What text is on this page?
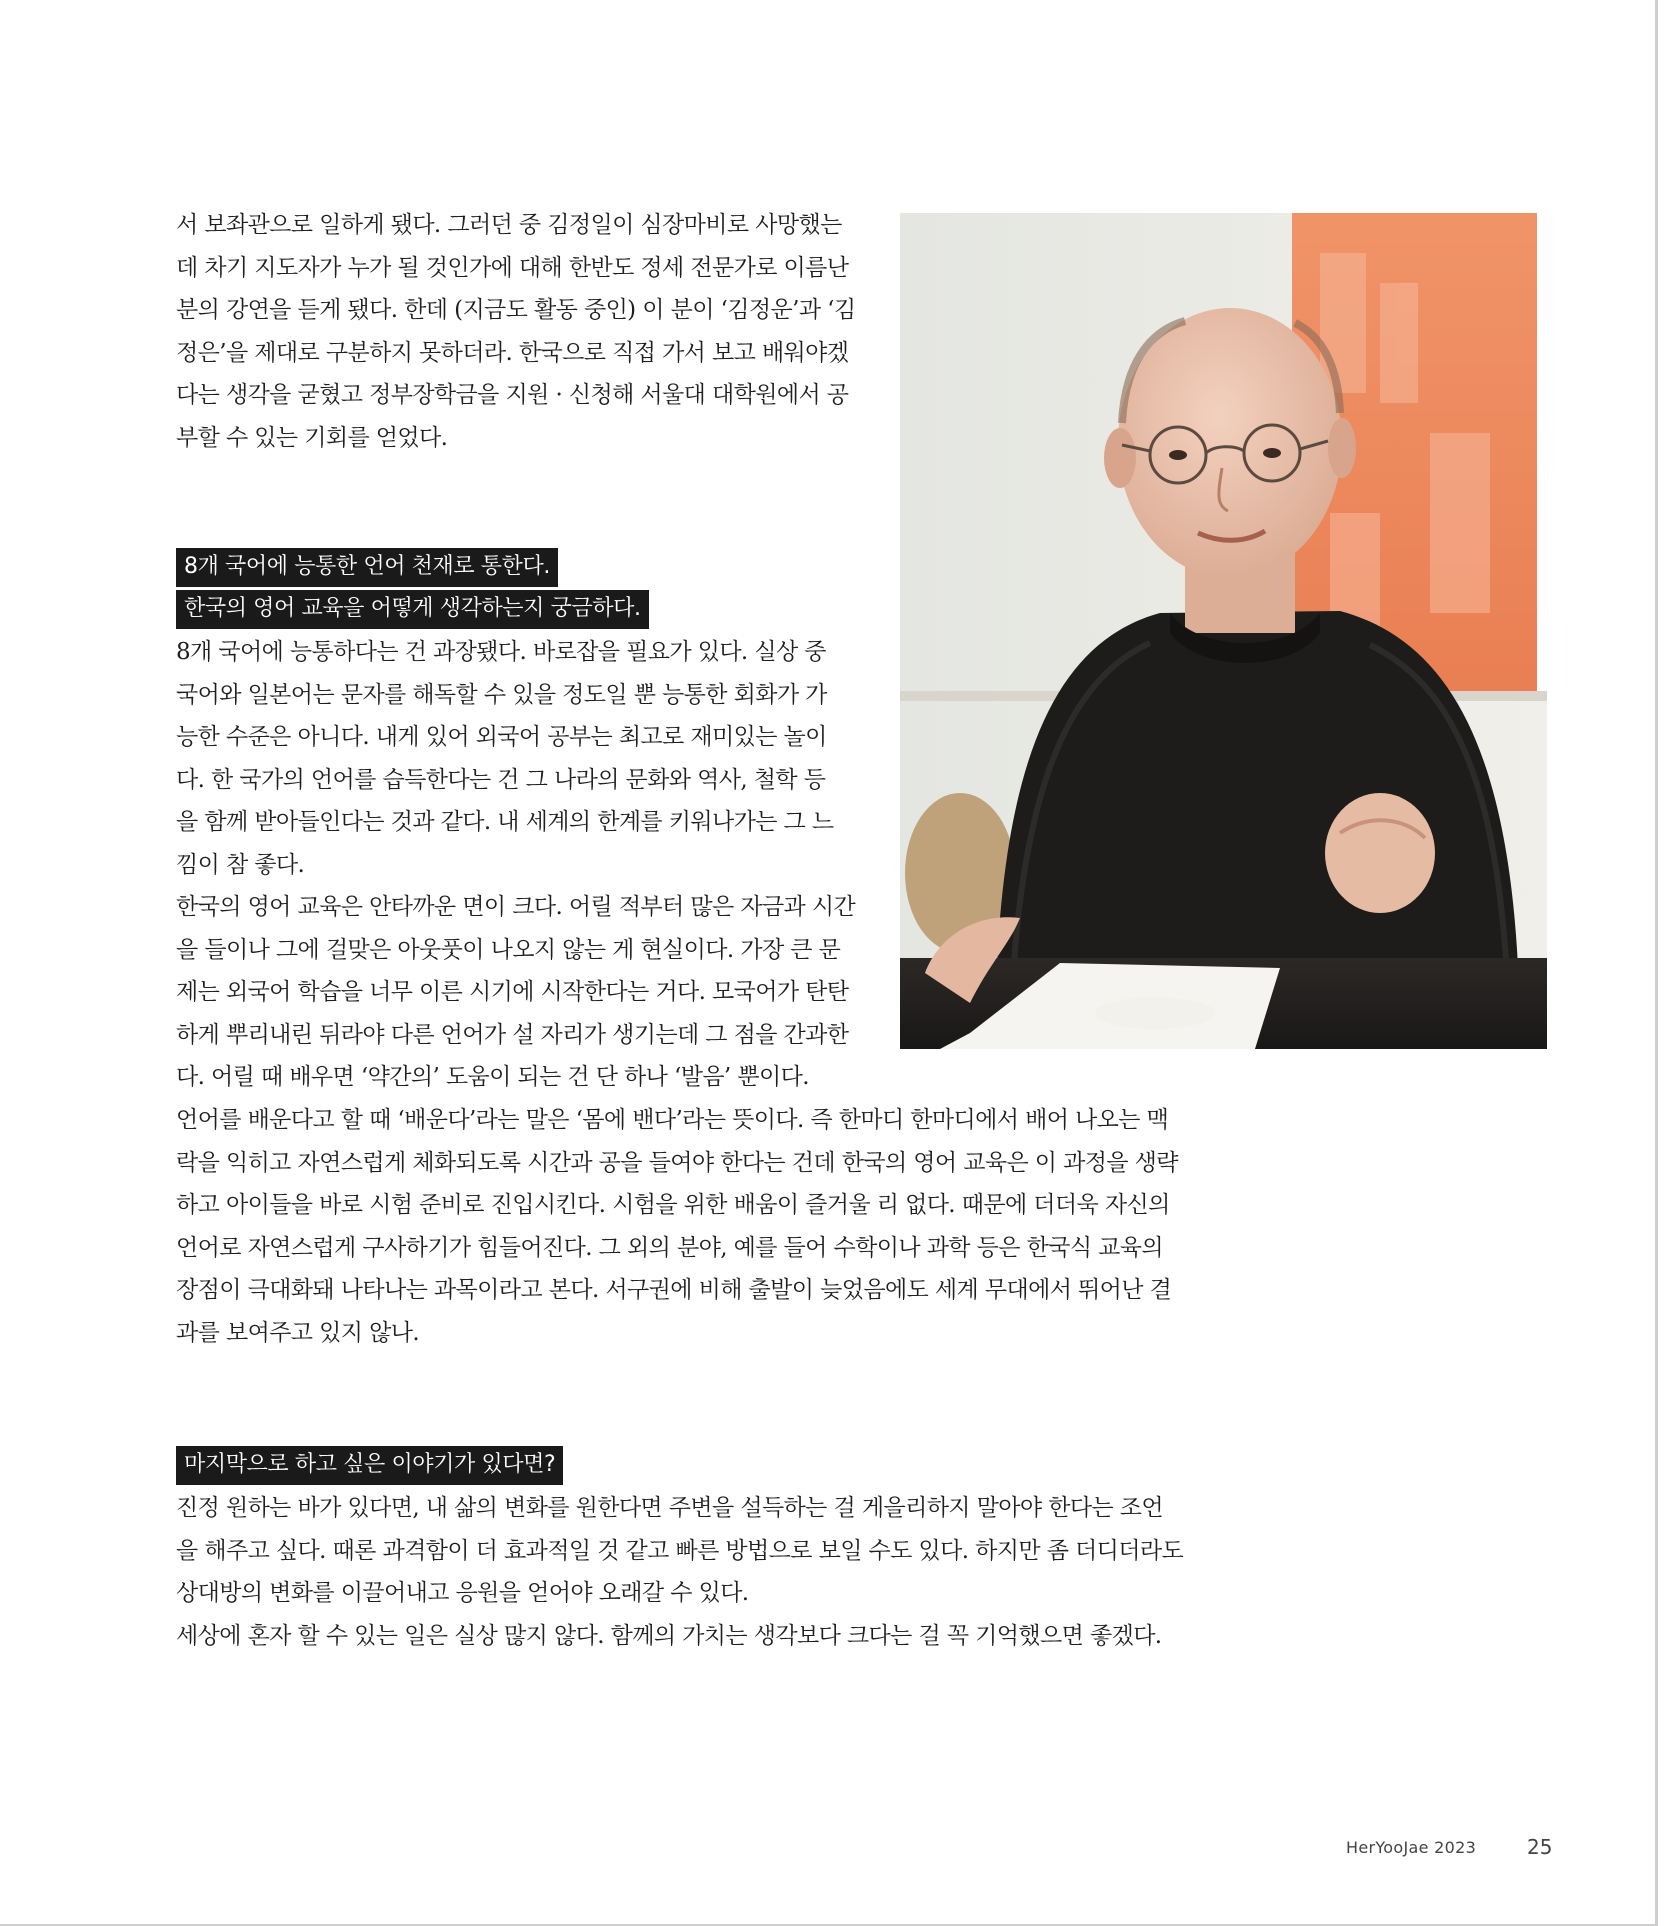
서 보좌관으로 일하게 됐다. 그러던 중 김정일이 심장마비로 사망했는
데 차기 지도자가 누가 될 것인가에 대해 한반도 정세 전문가로 이름난
분의 강연을 듣게 됐다. 한데 (지금도 활동 중인) 이 분이 ‘김정운’과 ‘김
정은’을 제대로 구분하지 못하더라. 한국으로 직접 가서 보고 배워야겠
다는 생각을 굳혔고 정부장학금을 지원 · 신청해 서울대 대학원에서 공
부할 수 있는 기회를 얻었다.
8개 국어에 능통한 언어 천재로 통한다.
한국의 영어 교육을 어떻게 생각하는지 궁금하다.
8개 국어에 능통하다는 건 과장됐다. 바로잡을 필요가 있다. 실상 중
국어와 일본어는 문자를 해독할 수 있을 정도일 뿐 능통한 회화가 가
능한 수준은 아니다. 내게 있어 외국어 공부는 최고로 재미있는 놀이
다. 한 국가의 언어를 습득한다는 건 그 나라의 문화와 역사, 철학 등
을 함께 받아들인다는 것과 같다. 내 세계의 한계를 키워나가는 그 느
낌이 참 좋다.
한국의 영어 교육은 안타까운 면이 크다. 어릴 적부터 많은 자금과 시간
을 들이나 그에 걸맞은 아웃풋이 나오지 않는 게 현실이다. 가장 큰 문
제는 외국어 학습을 너무 이른 시기에 시작한다는 거다. 모국어가 탄탄
하게 뿌리내린 뒤라야 다른 언어가 설 자리가 생기는데 그 점을 간과한
다. 어릴 때 배우면 ‘약간의’ 도움이 되는 건 단 하나 ‘발음’ 뿐이다.
언어를 배운다고 할 때 ‘배운다’라는 말은 ‘몸에 밴다’라는 뜻이다. 즉 한마디 한마디에서 배어 나오는 맥
락을 익히고 자연스럽게 체화되도록 시간과 공을 들여야 한다는 건데 한국의 영어 교육은 이 과정을 생략
하고 아이들을 바로 시험 준비로 진입시킨다. 시험을 위한 배움이 즐거울 리 없다. 때문에 더더욱 자신의
언어로 자연스럽게 구사하기가 힘들어진다. 그 외의 분야, 예를 들어 수학이나 과학 등은 한국식 교육의
장점이 극대화돼 나타나는 과목이라고 본다. 서구권에 비해 출발이 늦었음에도 세계 무대에서 뛰어난 결
과를 보여주고 있지 않나.
마지막으로 하고 싶은 이야기가 있다면?
진정 원하는 바가 있다면, 내 삶의 변화를 원한다면 주변을 설득하는 걸 게을리하지 말아야 한다는 조언
을 해주고 싶다. 때론 과격함이 더 효과적일 것 같고 빠른 방법으로 보일 수도 있다. 하지만 좀 더디더라도
상대방의 변화를 이끌어내고 응원을 얻어야 오래갈 수 있다.
세상에 혼자 할 수 있는 일은 실상 많지 않다. 함께의 가치는 생각보다 크다는 걸 꼭 기억했으면 좋겠다.
HerYooJae 2023	25
